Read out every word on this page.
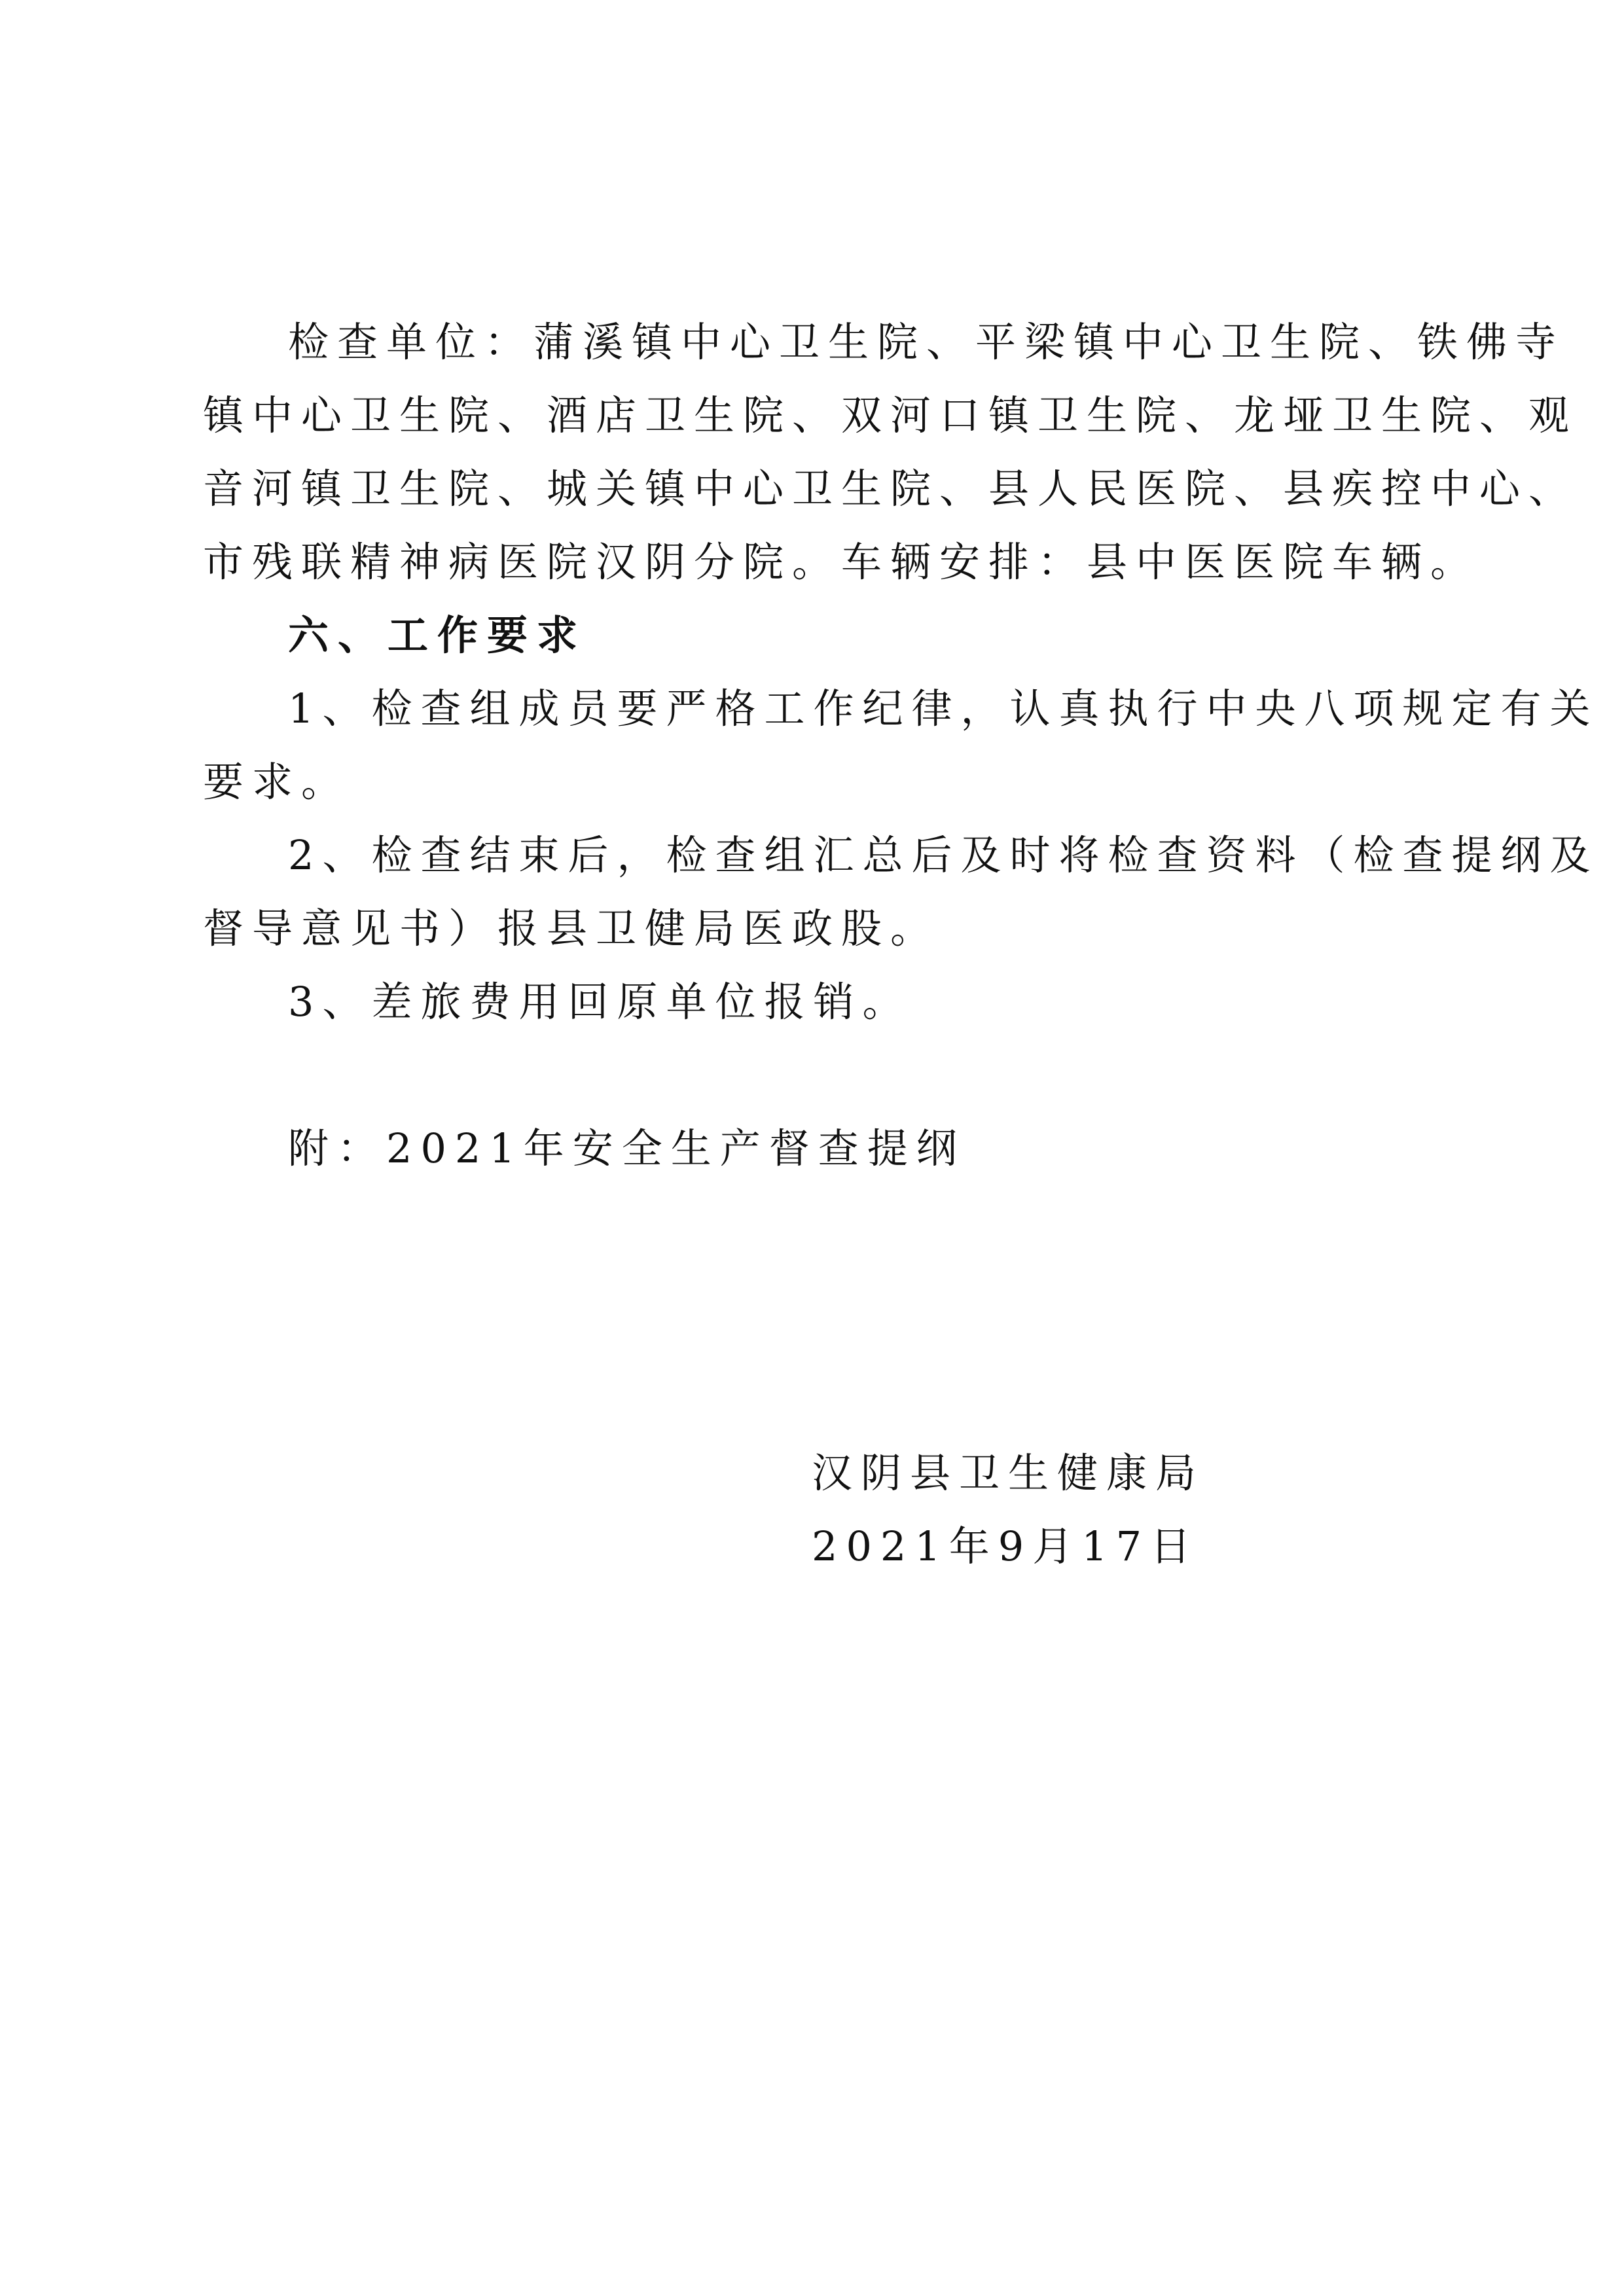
检查单位：蒲溪镇中心卫生院、平梁镇中心卫生院、铁佛寺
镇中心卫生院、酒店卫生院、双河口镇卫生院、龙垭卫生院、观
音河镇卫生院、城关镇中心卫生院、县人民医院、县疾控中心、
市残联精神病医院汉阴分院。车辆安排：县中医医院车辆。
六、工作要求
1、检查组成员要严格工作纪律，认真执行中央八项规定有关
要求。
2、检查结束后，检查组汇总后及时将检查资料（检查提纲及
督导意见书）报县卫健局医政股。
3、差旅费用回原单位报销。
附：2021年安全生产督查提纲
汉阴县卫生健康局
2021年9月17日
